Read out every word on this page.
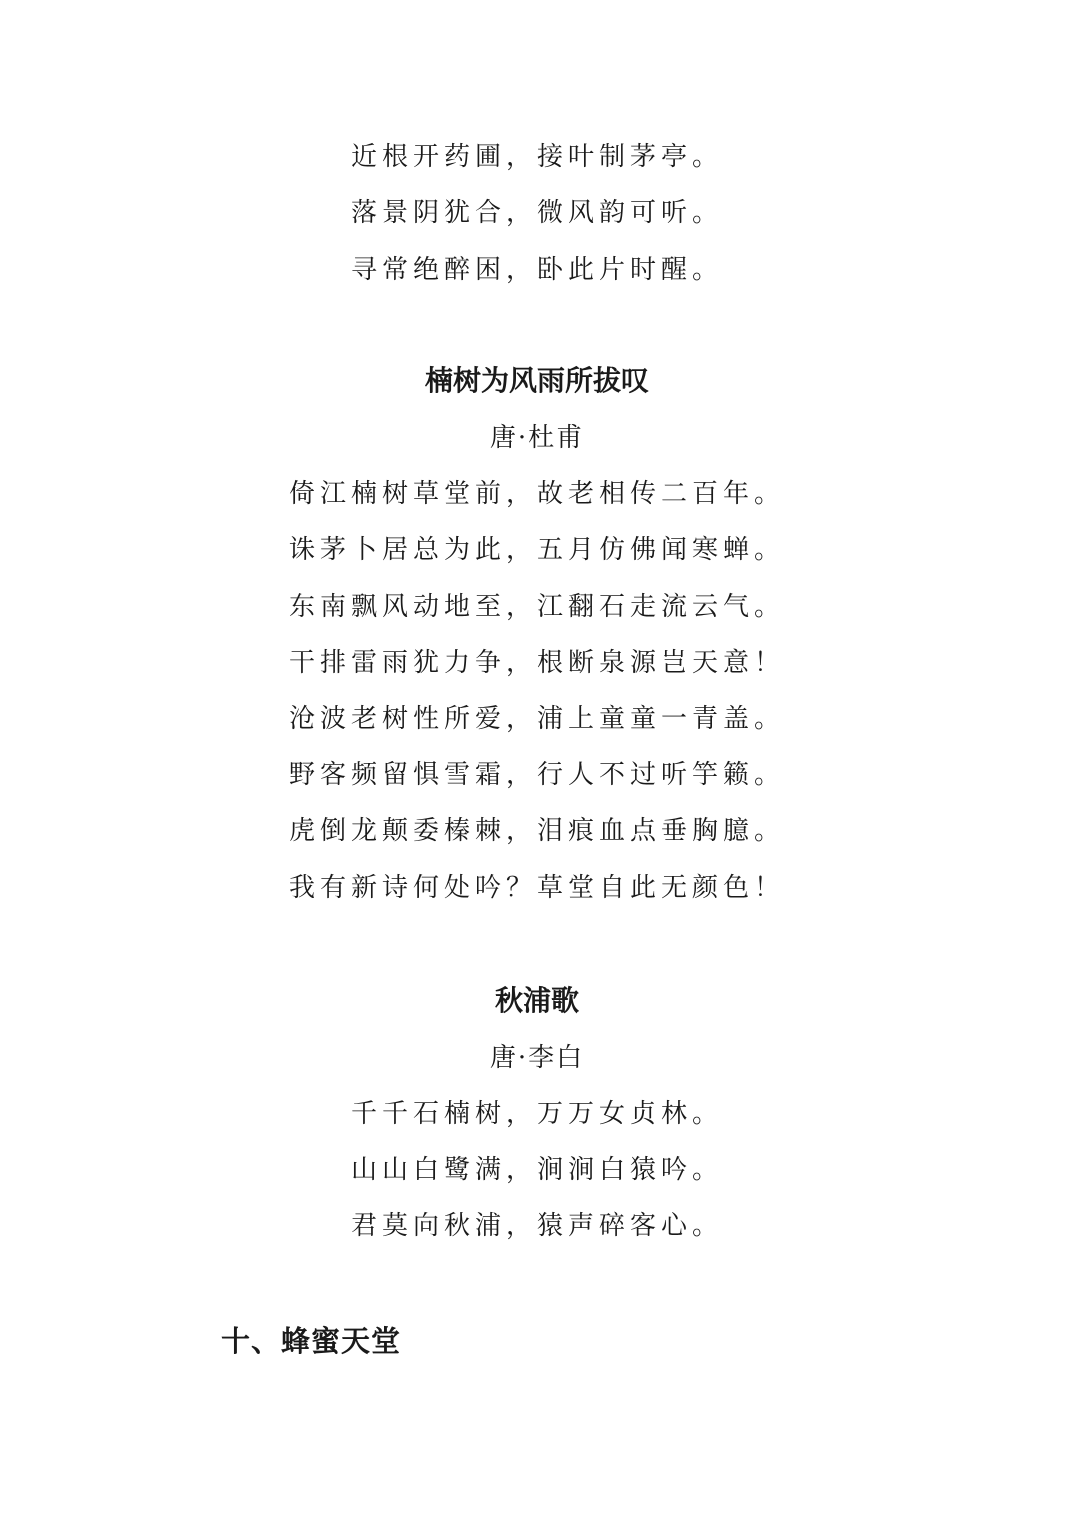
近根开药圃，接叶制茅亭。
落景阴犹合，微风韵可听。
寻常绝醉困，卧此片时醒。
楠树为风雨所拔叹
唐·杜甫
倚江楠树草堂前，故老相传二百年。
诛茅卜居总为此，五月仿佛闻寒蝉。
东南飘风动地至，江翻石走流云气。
干排雷雨犹力争，根断泉源岂天意！
沧波老树性所爱，浦上童童一青盖。
野客频留惧雪霜，行人不过听竽籁。
虎倒龙颠委榛棘，泪痕血点垂胸臆。
我有新诗何处吟？草堂自此无颜色！
秋浦歌
唐·李白
千千石楠树，万万女贞林。
山山白鹭满，涧涧白猿吟。
君莫向秋浦，猿声碎客心。
十、蜂蜜天堂
